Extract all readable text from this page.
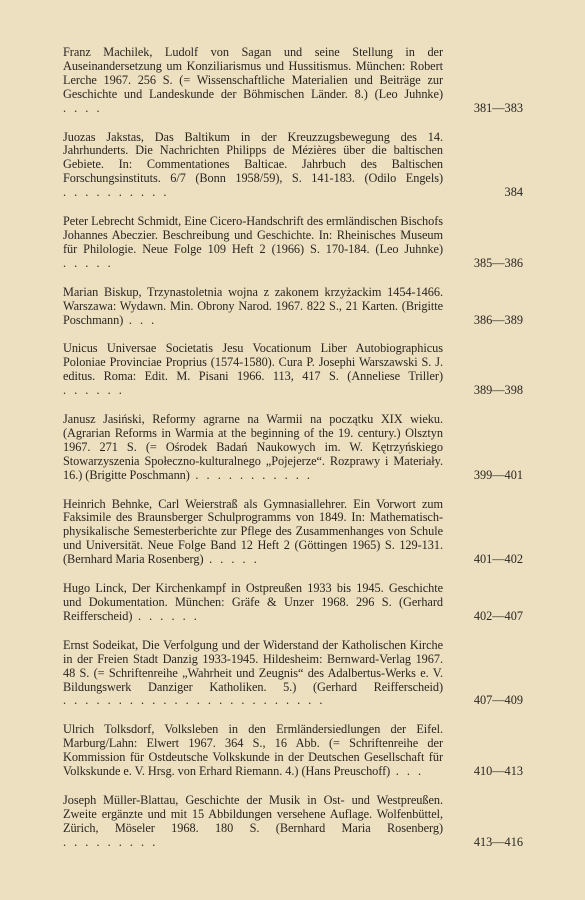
Franz Machilek, Ludolf von Sagan und seine Stellung in der Auseinandersetzung um Konziliarismus und Hussitismus. München: Robert Lerche 1967. 256 S. (= Wissenschaftliche Materialien und Beiträge zur Geschichte und Landeskunde der Böhmischen Länder. 8.) (Leo Juhnke) . . . .	381—383
Juozas Jakstas, Das Baltikum in der Kreuzzugsbewegung des 14. Jahrhunderts. Die Nachrichten Philipps de Mézières über die baltischen Gebiete. In: Commentationes Balticae. Jahrbuch des Baltischen Forschungsinstituts. 6/7 (Bonn 1958/59), S. 141-183. (Odilo Engels) . . . . . . . . . .	384
Peter Lebrecht Schmidt, Eine Cicero-Handschrift des ermländischen Bischofs Johannes Abeczier. Beschreibung und Geschichte. In: Rheinisches Museum für Philologie. Neue Folge 109 Heft 2 (1966) S. 170-184. (Leo Juhnke) . . . . .	385—386
Marian Biskup, Trzynastoletnia wojna z zakonem krzyżackim 1454-1466. Warszawa: Wydawn. Min. Obrony Narod. 1967. 822 S., 21 Karten. (Brigitte Poschmann) . . .	386—389
Unicus Universae Societatis Jesu Vocationum Liber Autobiographicus Poloniae Provinciae Proprius (1574-1580). Cura P. Josephi Warszawski S. J. editus. Roma: Edit. M. Pisani 1966. 113, 417 S. (Anneliese Triller) . . . . . .	389—398
Janusz Jasiński, Reformy agrarne na Warmii na początku XIX wieku. (Agrarian Reforms in Warmia at the beginning of the 19. century.) Olsztyn 1967. 271 S. (= Ośrodek Badań Naukowych im. W. Kętrzyńskiego Stowarzyszenia Społeczno-kulturalnego „Pojejerze“. Rozprawy i Materiały. 16.) (Brigitte Poschmann) . . . . . . . . . . .	399—401
Heinrich Behnke, Carl Weierstraß als Gymnasiallehrer. Ein Vorwort zum Faksimile des Braunsberger Schulprogramms von 1849. In: Mathematisch-physikalische Semesterberichte zur Pflege des Zusammenhanges von Schule und Universität. Neue Folge Band 12 Heft 2 (Göttingen 1965) S. 129-131. (Bernhard Maria Rosenberg) . . . . .	401—402
Hugo Linck, Der Kirchenkampf in Ostpreußen 1933 bis 1945. Geschichte und Dokumentation. München: Gräfe & Unzer 1968. 296 S. (Gerhard Reifferscheid) . . . . . .	402—407
Ernst Sodeikat, Die Verfolgung und der Widerstand der Katholischen Kirche in der Freien Stadt Danzig 1933-1945. Hildesheim: Bernward-Verlag 1967. 48 S. (= Schriftenreihe „Wahrheit und Zeugnis“ des Adalbertus-Werks e. V. Bildungswerk Danziger Katholiken. 5.) (Gerhard Reifferscheid) . . . . . . . . . . . . . . . . . . . . . . . .	407—409
Ulrich Tolksdorf, Volksleben in den Ermländersiedlungen der Eifel. Marburg/Lahn: Elwert 1967. 364 S., 16 Abb. (= Schriftenreihe der Kommission für Ostdeutsche Volkskunde in der Deutschen Gesellschaft für Volkskunde e. V. Hrsg. von Erhard Riemann. 4.) (Hans Preuschoff) . . .	410—413
Joseph Müller-Blattau, Geschichte der Musik in Ost- und Westpreußen. Zweite ergänzte und mit 15 Abbildungen versehene Auflage. Wolfenbüttel, Zürich, Möseler 1968. 180 S. (Bernhard Maria Rosenberg) . . . . . . . . .	413—416
